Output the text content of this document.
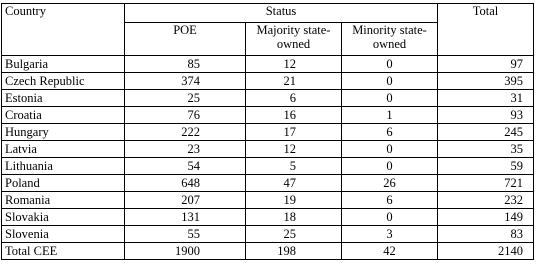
Country	Status			Total
	POE	Majority state-owned	Minority state-owned	
Bulgaria	85	12	0	97
Czech Republic	374	21	0	395
Estonia	25	6	0	31
Croatia	76	16	1	93
Hungary	222	17	6	245
Latvia	23	12	0	35
Lithuania	54	5	0	59
Poland	648	47	26	721
Romania	207	19	6	232
Slovakia	131	18	0	149
Slovenia	55	25	3	83
Total CEE	1900	198	42	2140
